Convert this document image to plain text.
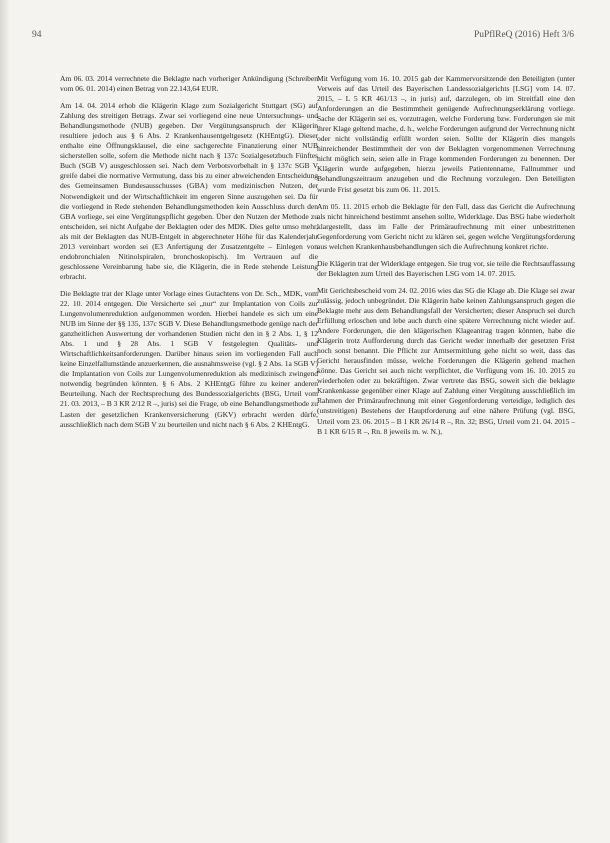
94	PuPflReQ (2016) Heft 3/6

Am 06. 03. 2014 verrechnete die Beklagte nach vorheriger Ankündigung (Schreiben vom 06. 01. 2014) einen Betrag von 22.143,64 EUR.

Am 14. 04. 2014 erhob die Klägerin Klage zum Sozialgericht Stuttgart (SG) auf Zahlung des streitigen Betrags. Zwar sei vorliegend eine neue Untersuchungs- und Behandlungsmethode (NUB) gegeben. Der Vergütungsanspruch der Klägerin resultiere jedoch aus § 6 Abs. 2 Krankenhausentgeltgesetz (KHEntgG). Dieser enthalte eine Öffnungsklausel, die eine sachgerechte Finanzierung einer NUB sicherstellen solle, sofern die Methode nicht nach § 137c Sozialgesetzbuch Fünftes Buch (SGB V) ausgeschlossen sei. Nach dem Verbotsvorbehalt in § 137c SGB V greife dabei die normative Vermutung, dass bis zu einer abweichenden Entscheidung des Gemeinsamen Bundesausschusses (GBA) vom medizinischen Nutzen, der Notwendigkeit und der Wirtschaftlichkeit im engeren Sinne auszugehen sei. Da für die vorliegend in Rede stehenden Behandlungsmethoden kein Ausschluss durch den GBA vorliege, sei eine Vergütungspflicht gegeben. Über den Nutzen der Methode zu entscheiden, sei nicht Aufgabe der Beklagten oder des MDK. Dies gelte umso mehr, als mit der Beklagten das NUB-Entgelt in abgerechneter Höhe für das Kalenderjahr 2013 vereinbart worden sei (E3 Anfertigung der Zusatzentgelte – Einlegen von endobronchialen Nitinolspiralen, bronchoskopisch). Im Vertrauen auf die geschlossene Vereinbarung habe sie, die Klägerin, die in Rede stehende Leistung erbracht.

Die Beklagte trat der Klage unter Vorlage eines Gutachtens von Dr. Sch., MDK, vom 22. 10. 2014 entgegen. Die Versicherte sei „nur“ zur Implantation von Coils zur Lungenvolumenreduktion aufgenommen worden. Hierbei handele es sich um eine NUB im Sinne der §§ 135, 137c SGB V. Diese Behandlungsmethode genüge nach der ganzheitlichen Auswertung der vorhandenen Studien nicht den in § 2 Abs. 1, § 12 Abs. 1 und § 28 Abs. 1 SGB V festgelegten Qualitäts- und Wirtschaftlichkeitsanforderungen. Darüber hinaus seien im vorliegenden Fall auch keine Einzelfallumstände anzuerkennen, die ausnahmsweise (vgl. § 2 Abs. 1a SGB V) die Implantation von Coils zur Lungenvolumenreduktion als medizinisch zwingend notwendig begründen könnten. § 6 Abs. 2 KHEntgG führe zu keiner anderen Beurteilung. Nach der Rechtsprechung des Bundessozialgerichts (BSG, Urteil vom 21. 03. 2013, – B 3 KR 2/12 R –, juris) sei die Frage, ob eine Behandlungsmethode zu Lasten der gesetzlichen Krankenversicherung (GKV) erbracht werden dürfe, ausschließlich nach dem SGB V zu beurteilen und nicht nach § 6 Abs. 2 KHEntgG.

Mit Verfügung vom 16. 10. 2015 gab der Kammervorsitzende den Beteiligten (unter Verweis auf das Urteil des Bayerischen Landessozialgerichts [LSG] vom 14. 07. 2015, – L 5 KR 461/13 –, in juris) auf, darzulegen, ob im Streitfall eine den Anforderungen an die Bestimmtheit genügende Aufrechnungserklärung vorliege. Sache der Klägerin sei es, vorzutragen, welche Forderung bzw. Forderungen sie mit ihrer Klage geltend mache, d. h., welche Forderungen aufgrund der Verrechnung nicht oder nicht vollständig erfüllt worden seien. Sollte der Klägerin dies mangels hinreichender Bestimmtheit der von der Beklagten vorgenommenen Verrechnung nicht möglich sein, seien alle in Frage kommenden Forderungen zu benennen. Der Klägerin wurde aufgegeben, hierzu jeweils Patientenname, Fallnummer und Behandlungszeitraum anzugeben und die Rechnung vorzulegen. Den Beteiligten wurde Frist gesetzt bis zum 06. 11. 2015.

Am 05. 11. 2015 erhob die Beklagte für den Fall, dass das Gericht die Aufrechnung als nicht hinreichend bestimmt ansehen sollte, Widerklage. Das BSG habe wiederholt klargestellt, dass im Falle der Primäraufrechnung mit einer unbestrittenen Gegenforderung vom Gericht nicht zu klären sei, gegen welche Vergütungsforderung aus welchen Krankenhausbehandlungen sich die Aufrechnung konkret richte.

Die Klägerin trat der Widerklage entgegen. Sie trug vor, sie teile die Rechtsauffassung der Beklagten zum Urteil des Bayerischen LSG vom 14. 07. 2015.

Mit Gerichtsbescheid vom 24. 02. 2016 wies das SG die Klage ab. Die Klage sei zwar zulässig, jedoch unbegründet. Die Klägerin habe keinen Zahlungsanspruch gegen die Beklagte mehr aus dem Behandlungsfall der Versicherten; dieser Anspruch sei durch Erfüllung erloschen und lebe auch durch eine spätere Verrechnung nicht wieder auf. Andere Forderungen, die den klägerischen Klageantrag tragen könnten, habe die Klägerin trotz Aufforderung durch das Gericht weder innerhalb der gesetzten Frist noch sonst benannt. Die Pflicht zur Amtsermittlung gehe nicht so weit, dass das Gericht herausfinden müsse, welche Forderungen die Klägerin geltend machen könne. Das Gericht sei auch nicht verpflichtet, die Verfügung vom 16. 10. 2015 zu wiederholen oder zu bekräftigen. Zwar vertrete das BSG, soweit sich die beklagte Krankenkasse gegenüber einer Klage auf Zahlung einer Vergütung ausschließlich im Rahmen der Primäraufrechnung mit einer Gegenforderung verteidige, lediglich des (unstreitigen) Bestehens der Hauptforderung auf eine nähere Prüfung (vgl. BSG, Urteil vom 23. 06. 2015 – B 1 KR 26/14 R –, Rn. 32; BSG, Urteil vom 21. 04. 2015 – B 1 KR 6/15 R –, Rn. 8 jeweils m. w. N.),
